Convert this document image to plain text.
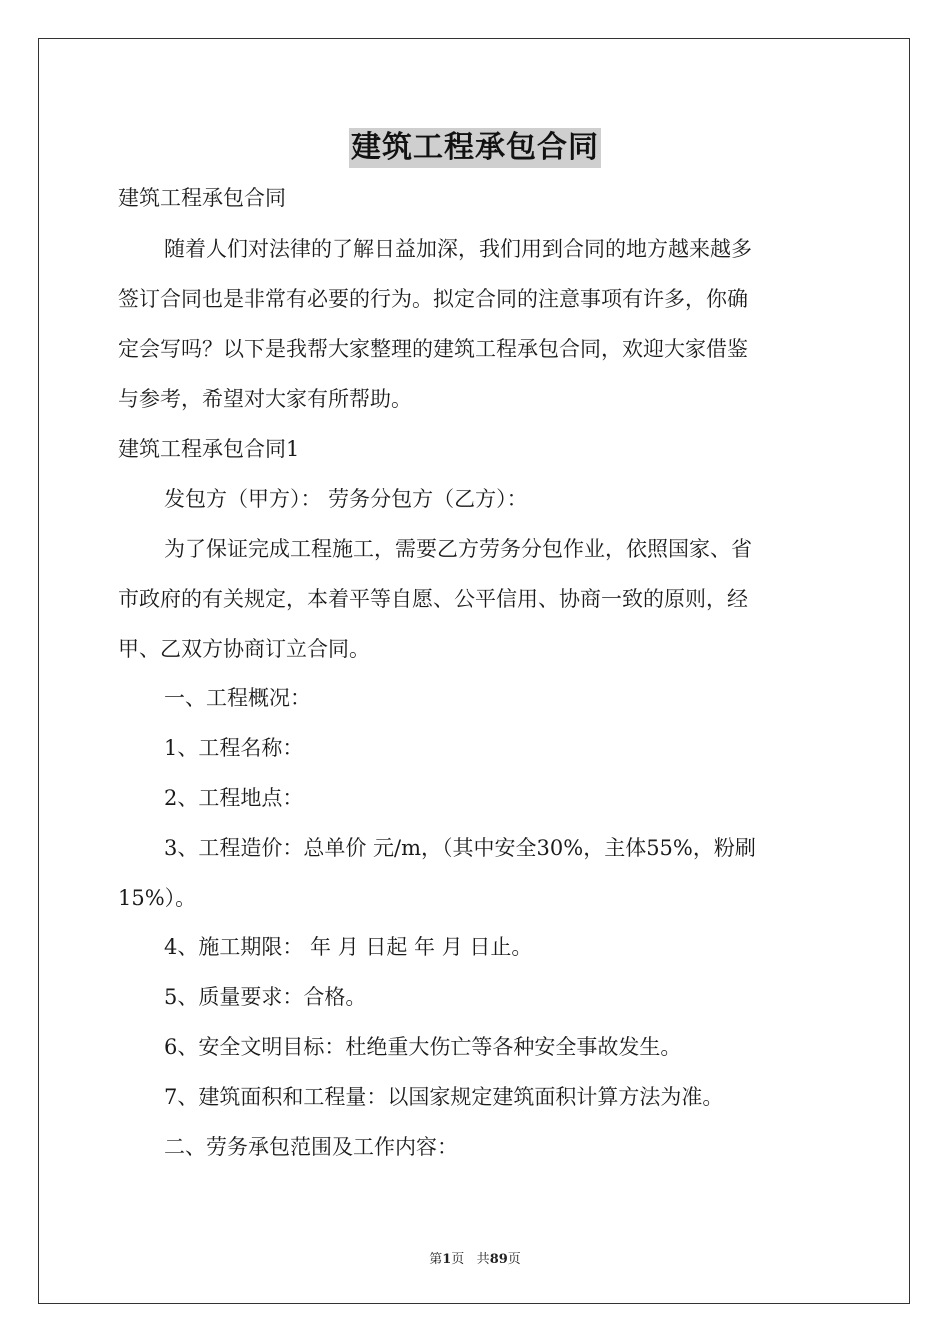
建筑工程承包合同
建筑工程承包合同
随着人们对法律的了解日益加深，我们用到合同的地方越来越多
签订合同也是非常有必要的行为。拟定合同的注意事项有许多，你确
定会写吗？以下是我帮大家整理的建筑工程承包合同，欢迎大家借鉴
与参考，希望对大家有所帮助。
建筑工程承包合同1
发包方（甲方）： 劳务分包方（乙方）：
为了保证完成工程施工，需要乙方劳务分包作业，依照国家、省
市政府的有关规定，本着平等自愿、公平信用、协商一致的原则，经
甲、乙双方协商订立合同。
一、工程概况：
1、工程名称：
2、工程地点：
3、工程造价：总单价 元/m，（其中安全30%，主体55%，粉刷
15%）。
4、施工期限： 年 月 日起 年 月 日止。
5、质量要求：合格。
6、安全文明目标：杜绝重大伤亡等各种安全事故发生。
7、建筑面积和工程量：以国家规定建筑面积计算方法为准。
二、劳务承包范围及工作内容：
第1页 共89页
